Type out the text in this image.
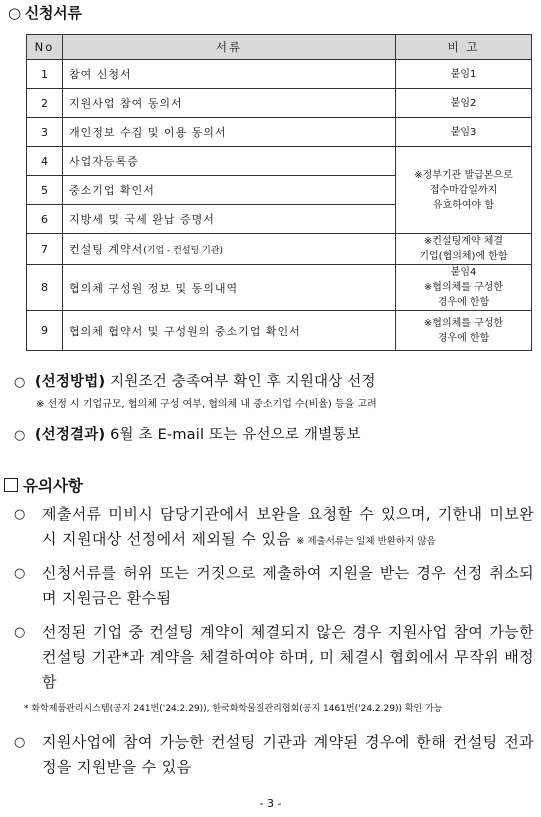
○ 신청서류
No	서류	비 고
1	참여 신청서	붙임1
2	지원사업 참여 동의서	붙임2
3	개인정보 수집 및 이용 동의서	붙임3
4	사업자등록증	※정부기관 발급본으로
접수마감일까지
유효하여야 함

5	중소기업 확인서	
6	지방세 및 국세 완납 증명서	
7	컨설팅 계약서(기업 - 컨설팅 기관)	※컨설팅계약 체결
기업(협의체)에 한함

8	협의체 구성원 정보 및 동의내역	붙임4
※협의체를 구성한
경우에 한함

9	협의체 협약서 및 구성원의 중소기업 확인서	※협의체를 구성한
경우에 한함
○ (선정방법) 지원조건 충족여부 확인 후 지원대상 선정
※ 선정 시 기업규모, 협의체 구성 여부, 협의체 내 중소기업 수(비율) 등을 고려
○ (선정결과) 6월 초 E-mail 또는 유선으로 개별통보
유의사항
○ 제출서류 미비시 담당기관에서 보완을 요청할 수 있으며, 기한내 미보완시 지원대상 선정에서 제외될 수 있음 ※ 제출서류는 일체 반환하지 않음
○ 신청서류를 허위 또는 거짓으로 제출하여 지원을 받는 경우 선정 취소되며 지원금은 환수됨
○ 선정된 기업 중 컨설팅 계약이 체결되지 않은 경우 지원사업 참여 가능한 컨설팅 기관*과 계약을 체결하여야 하며, 미 체결시 협회에서 무작위 배정함
* 화학제품관리시스템(공지 241번('24.2.29)), 한국화학물질관리협회(공지 1461번('24.2.29)) 확인 가능
○ 지원사업에 참여 가능한 컨설팅 기관과 계약된 경우에 한해 컨설팅 전과정을 지원받을 수 있음
- 3 -
